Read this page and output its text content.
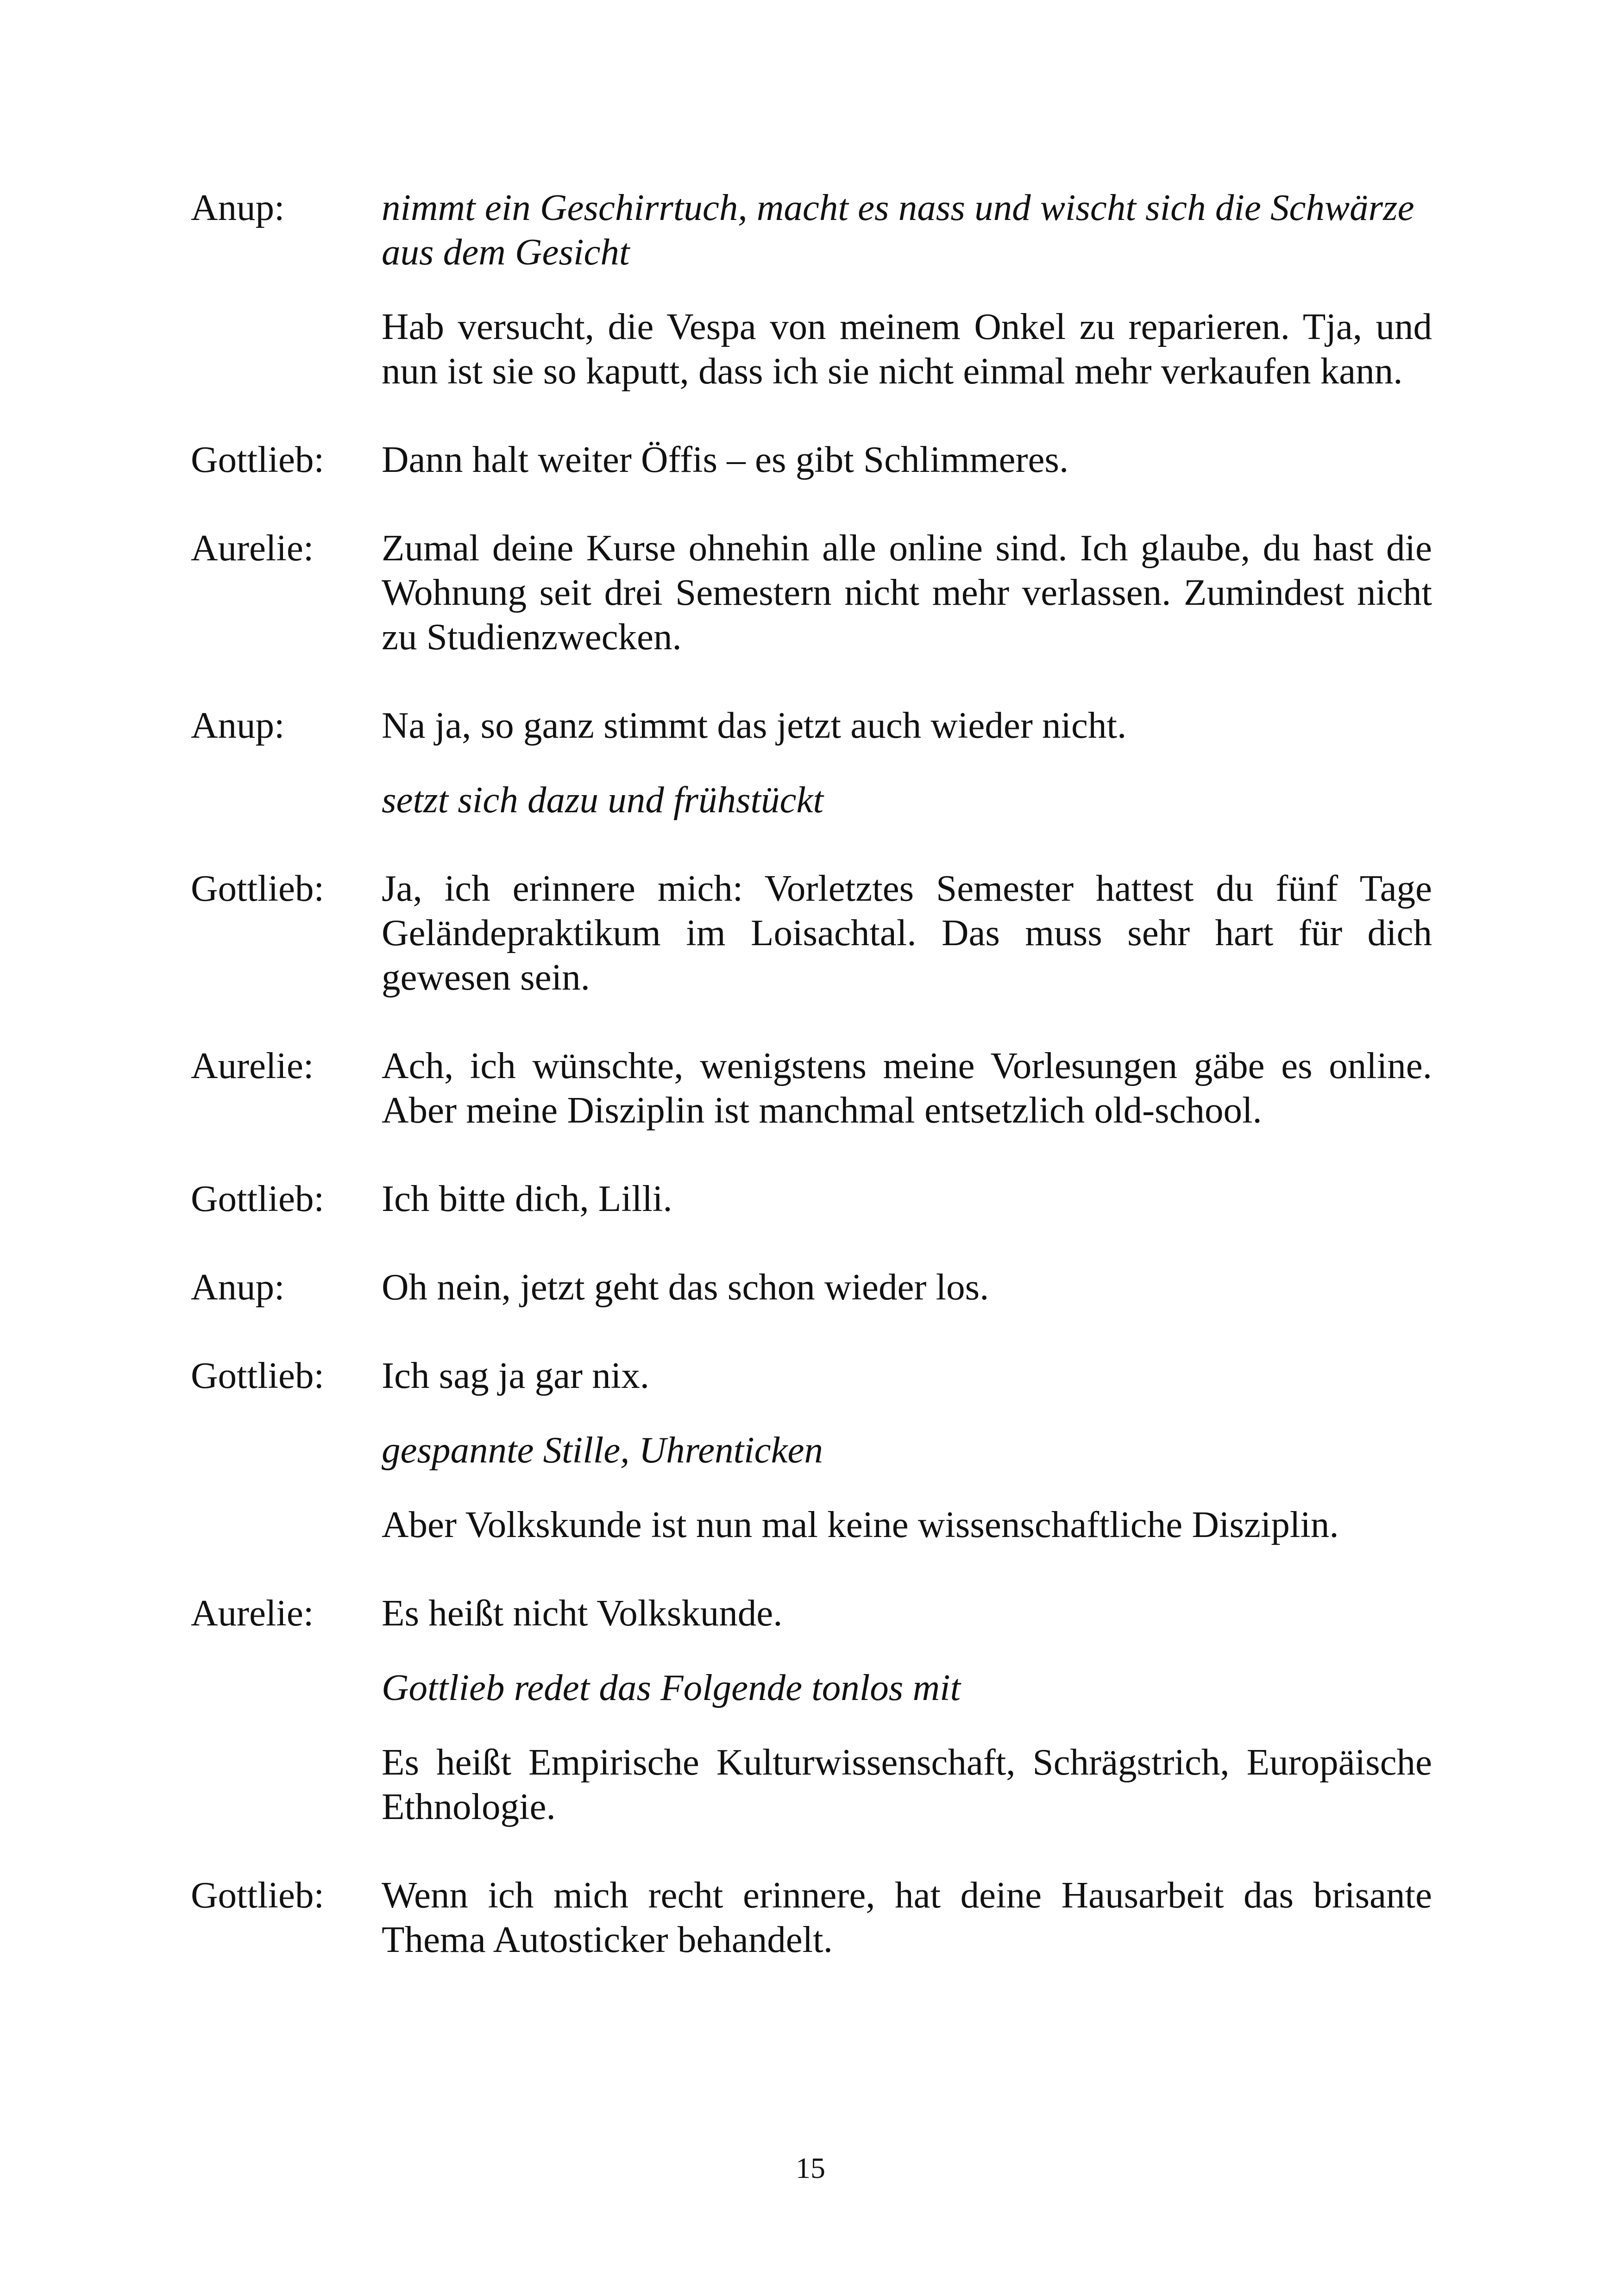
Anup:	nimmt ein Geschirrtuch, macht es nass und wischt sich die Schwärze aus dem Gesicht

Hab versucht, die Vespa von meinem Onkel zu reparieren. Tja, und nun ist sie so kaputt, dass ich sie nicht einmal mehr verkaufen kann.

Gottlieb:	Dann halt weiter Öffis – es gibt Schlimmeres.

Aurelie:	Zumal deine Kurse ohnehin alle online sind. Ich glaube, du hast die Wohnung seit drei Semestern nicht mehr verlassen. Zumindest nicht zu Studienzwecken.

Anup:	Na ja, so ganz stimmt das jetzt auch wieder nicht.

setzt sich dazu und frühstückt

Gottlieb:	Ja, ich erinnere mich: Vorletztes Semester hattest du fünf Tage Geländepraktikum im Loisachtal. Das muss sehr hart für dich gewesen sein.

Aurelie:	Ach, ich wünschte, wenigstens meine Vorlesungen gäbe es online. Aber meine Disziplin ist manchmal entsetzlich old-school.

Gottlieb:	Ich bitte dich, Lilli.

Anup:	Oh nein, jetzt geht das schon wieder los.

Gottlieb:	Ich sag ja gar nix.

gespannte Stille, Uhrenticken

Aber Volkskunde ist nun mal keine wissenschaftliche Disziplin.

Aurelie:	Es heißt nicht Volkskunde.

Gottlieb redet das Folgende tonlos mit

Es heißt Empirische Kulturwissenschaft, Schrägstrich, Europäische Ethnologie.

Gottlieb:	Wenn ich mich recht erinnere, hat deine Hausarbeit das brisante Thema Autosticker behandelt.

15
